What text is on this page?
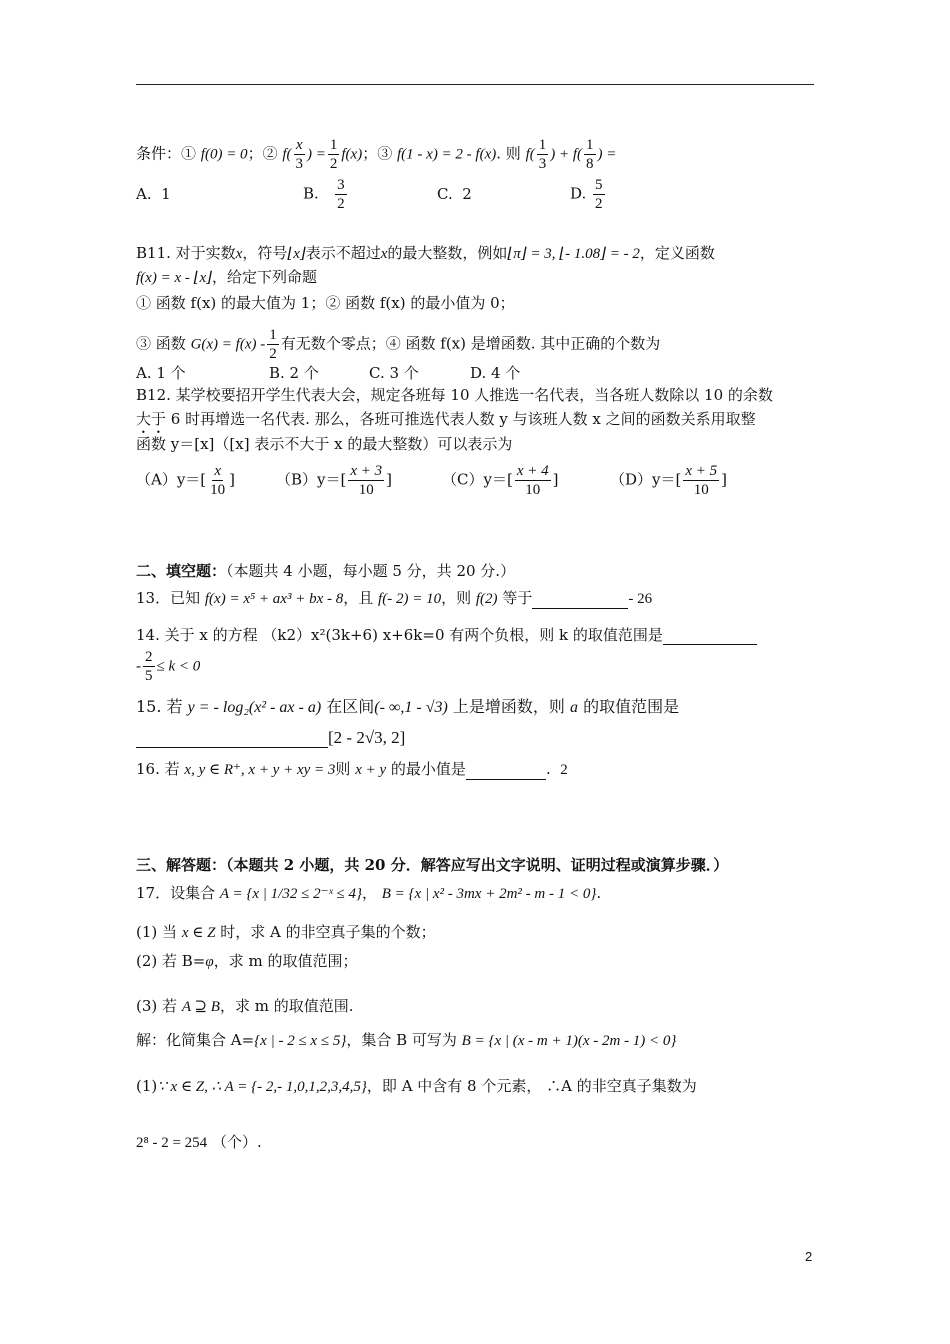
条件：① f(0) = 0；② $f( \frac{x}{3}$ ) = $\frac{1}{2} f(x)$；③ f(1 - x) = 2 - f(x). 则 $f( \frac{1}{3}$ ) + $f( \frac{1}{8}$ ) =
A. 1	B. $\frac{3}{2}$	C. 2	D. $\frac{5}{2}$
B11. 对于实数x，符号⌊x⌋表示不超过x的最大整数，例如⌊π⌋ = 3, ⌊- 1.08⌋ = - 2，定义函数
f(x) = x - ⌊x⌋，给定下列命题
① 函数 f(x) 的最大值为 1；② 函数 f(x) 的最小值为 0；
③ 函数 $G(x) = f(x) - \frac{1}{2}$ 有无数个零点；④ 函数 f(x) 是增函数. 其中正确的个数为
A. 1 个	B. 2 个	C. 3 个	D. 4 个
B12. 某学校要招开学生代表大会，规定各班每 10 人推选一名代表，当各班人数除以 10 的余数
大于 6 时再增选一名代表. 那么，各班可推选代表人数 y 与该班人数 x 之间的函数关系用取整
函数 y＝[x]（[x] 表示不大于 x 的最大整数）可以表示为
$(A)y=[ \frac{x}{10}$ ]	$(B)y=[ \frac{x + 3}{10}$ ]	$(C)y=[ \frac{x + 4}{10}$ ]	$(D)y=[ \frac{x + 5}{10}$ ]
二、填空题：（本题共 4 小题，每小题 5 分，共 20 分.）
13．已知 f(x) = x⁵ + ax³ + bx - 8，且 f(- 2) = 10，则 f(2) 等于	- 26
14. 关于 x 的方程 （k2）x²(3k+6) x+6k=0 有两个负根，则 k 的取值范围是
- $\frac{2}{5} \le k < 0$
15. 若 y = - log₂(x² - ax - a) 在区间(- ∞,1 - √3) 上是增函数，则 a 的取值范围是
[2 - 2√3, 2]
16. 若 x, y ∈ R⁺, x + y + xy = 3则 x + y 的最小值是	. 2
三、解答题：（本题共 2 小题，共 20 分．解答应写出文字说明、证明过程或演算步骤．）
17．设集合 A = {x | 1/32 ≤ 2⁻ˣ ≤ 4}， B = {x | x² - 3mx + 2m² - m - 1 < 0}.
(1) 当 x ∈ Z 时，求 A 的非空真子集的个数；
(2) 若 B=φ，求 m 的取值范围；
(3) 若 A ⊇ B，求 m 的取值范围.
解：化简集合 A={x | - 2 ≤ x ≤ 5}，集合 B 可写为 B = {x | (x - m + 1)(x - 2m - 1) < 0}
(1)∵ x ∈ Z, ∴ A = {- 2,- 1,0,1,2,3,4,5}，即 A 中含有 8 个元素， ∴A 的非空真子集数为
2⁸ - 2 = 254 （个）.
2
